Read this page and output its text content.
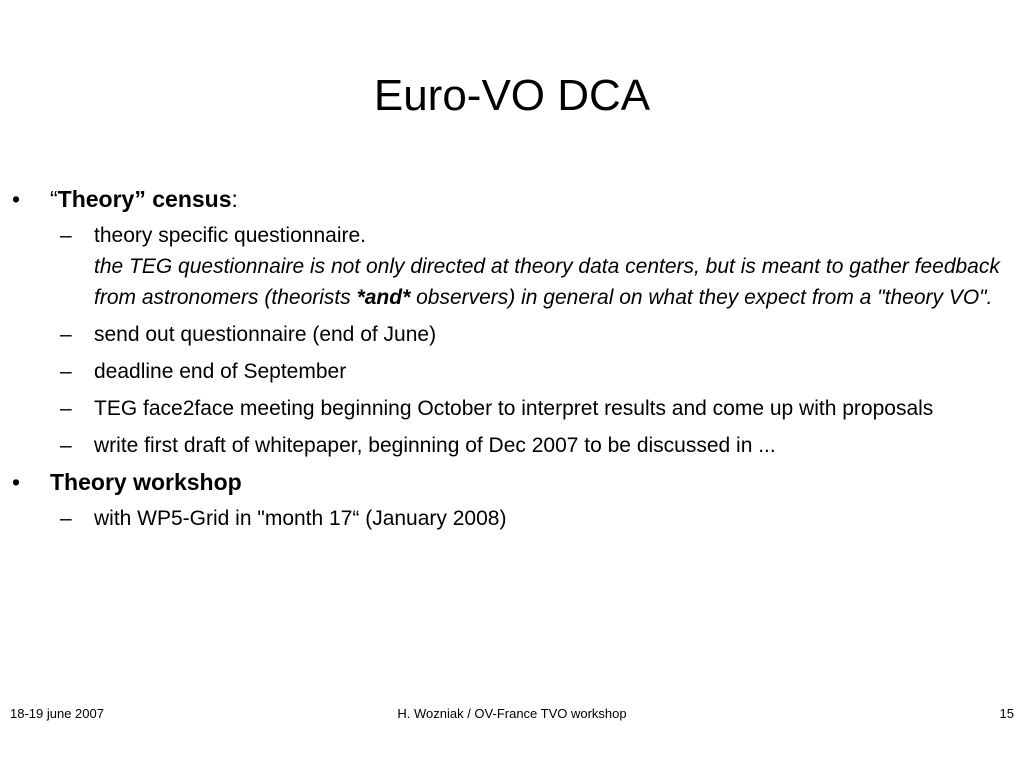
Euro-VO DCA
• “Theory” census:
– theory specific questionnaire.
the TEG questionnaire is not only directed at theory data centers, but is meant to gather feedback from astronomers (theorists *and* observers) in general on what they expect from a "theory VO".
– send out questionnaire (end of June)
– deadline end of September
– TEG face2face meeting beginning October to interpret results and come up with proposals
– write first draft of whitepaper, beginning of Dec 2007 to be discussed in ...
• Theory workshop
– with WP5-Grid in "month 17“ (January 2008)
18-19 june 2007	H. Wozniak / OV-France TVO workshop	15
